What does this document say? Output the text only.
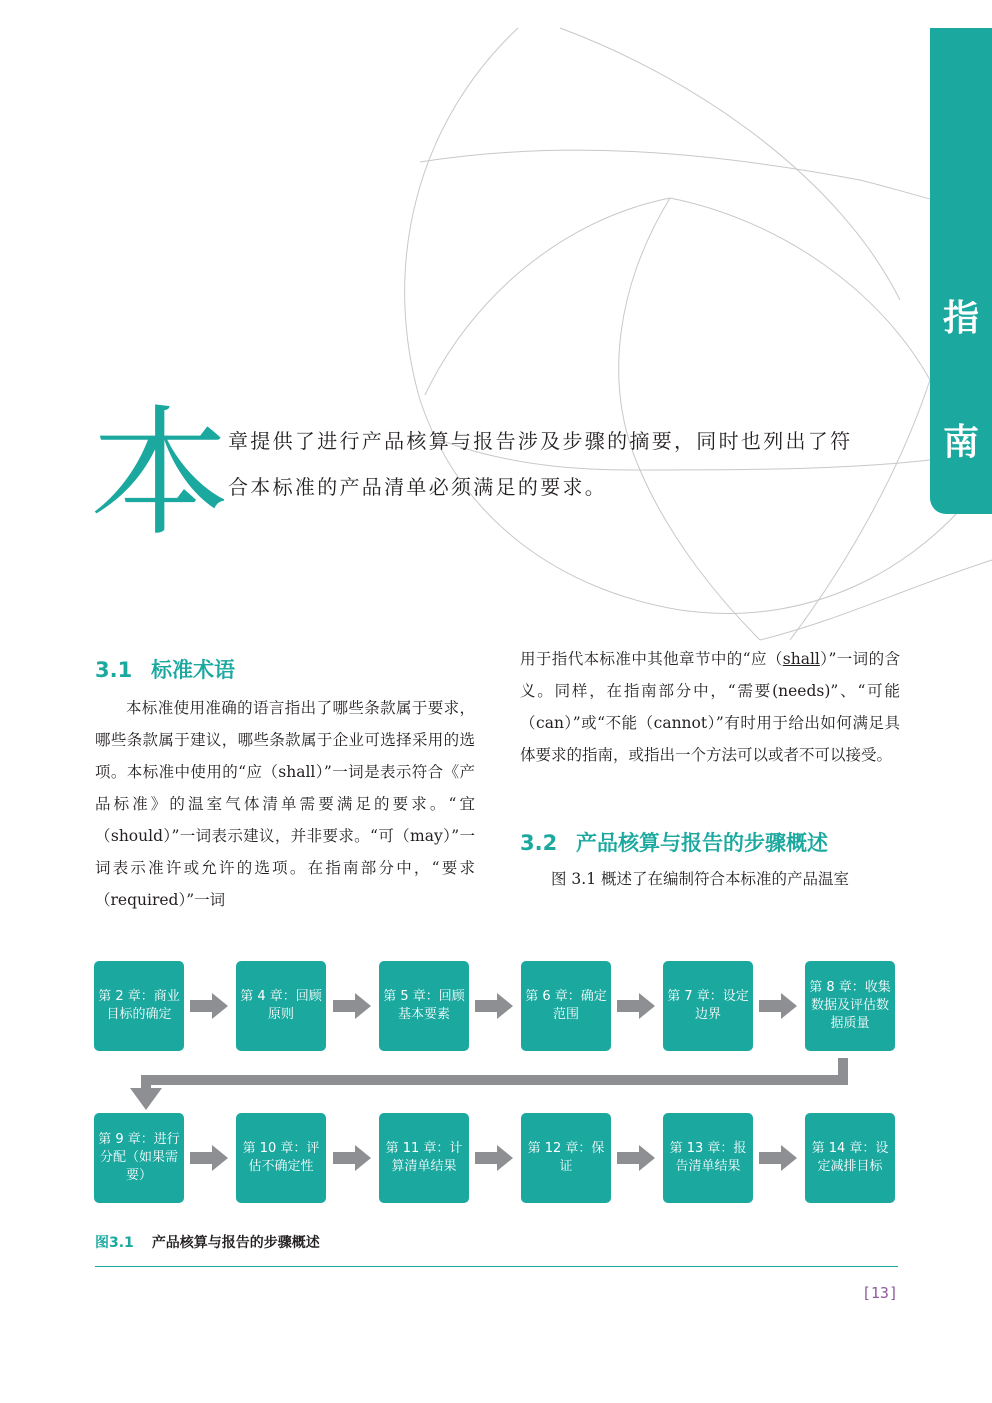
指
南
本

章提供了进行产品核算与报告涉及步骤的摘要，同时也列出了符

合本标准的产品清单必须满足的要求。

3.1 标准术语

本标准使用准确的语言指出了哪些条款属于要求，哪些条款属于建议，哪些条款属于企业可选择采用的选项。本标准中使用的“应（shall）”一词是表示符合《产品标准》的温室气体清单需要满足的要求。“宜（should）”一词表示建议，并非要求。“可（may）”一词表示准许或允许的选项。在指南部分中，“要求（required）”一词

用于指代本标准中其他章节中的“应（shall）”一词的含义。同样，在指南部分中，“需要(needs)”、“可能（can）”或“不能（cannot）”有时用于给出如何满足具体要求的指南，或指出一个方法可以或者不可以接受。

3.2 产品核算与报告的步骤概述

图 3.1 概述了在编制符合本标准的产品温室

第 2 章：商业目标的确定
第 4 章：回顾原则
第 5 章：回顾基本要素
第 6 章：确定范围
第 7 章：设定边界
第 8 章：收集数据及评估数据质量
第 9 章：进行分配（如果需要）
第 10 章：评估不确定性
第 11 章：计算清单结果
第 12 章：保证
第 13 章：报告清单结果
第 14 章：设定减排目标
图3.1 产品核算与报告的步骤概述
[13]
